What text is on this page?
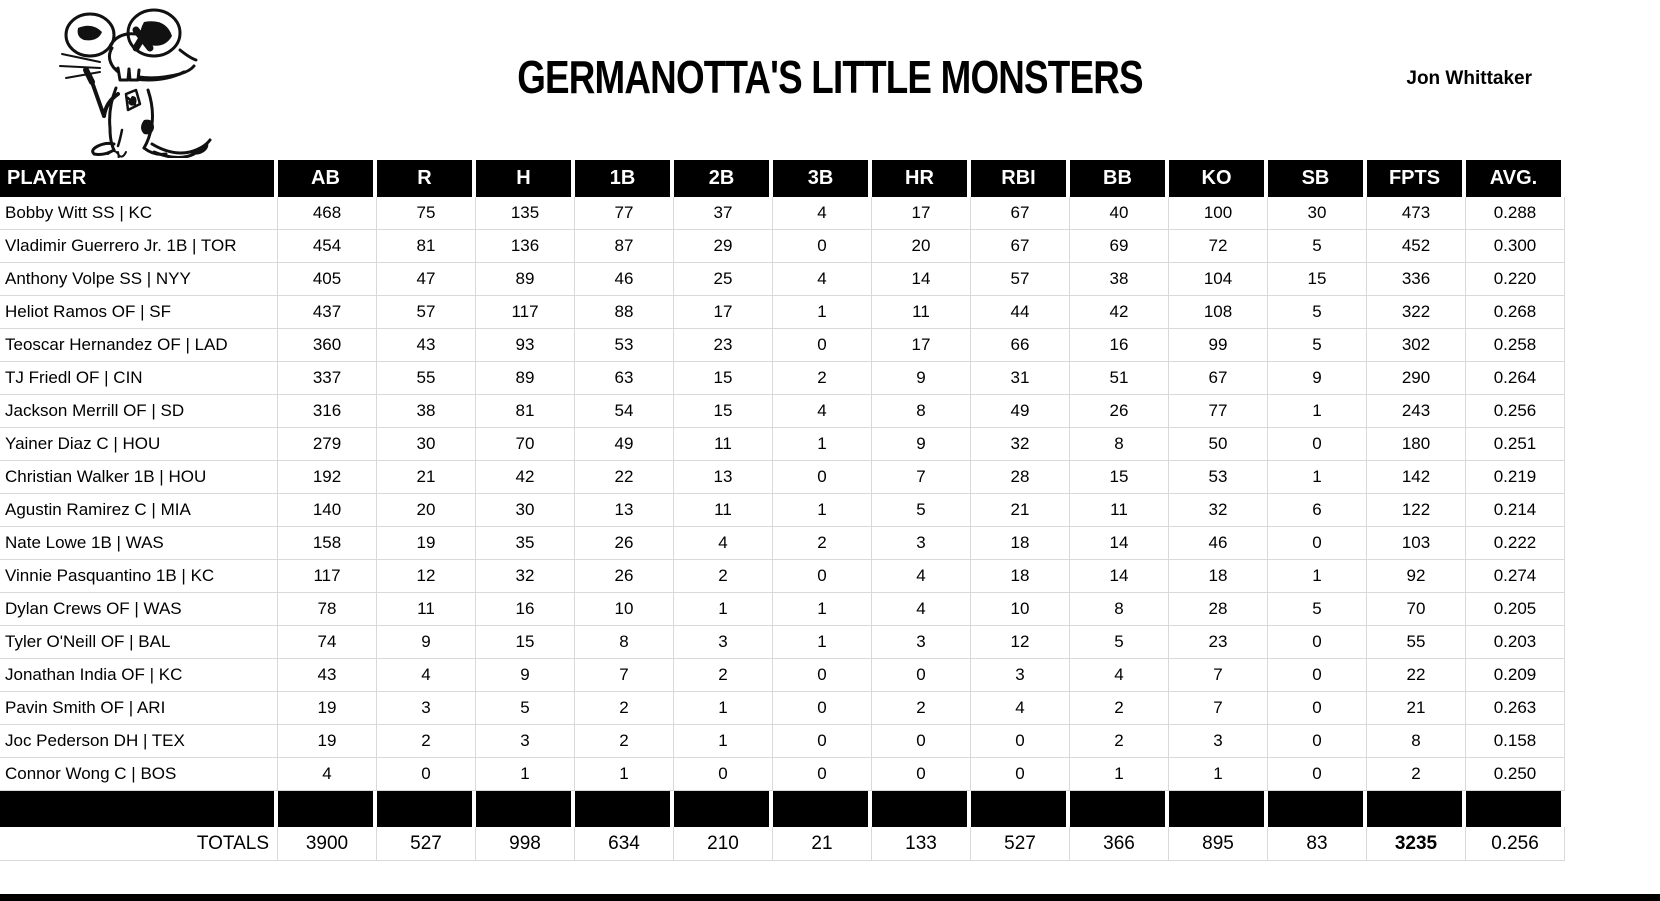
GERMANOTTA'S LITTLE MONSTERS	Jon Whittaker
PLAYER	AB	R	H	1B	2B	3B	HR	RBI	BB	KO	SB	FPTS	AVG.
Bobby Witt SS | KC	468	75	135	77	37	4	17	67	40	100	30	473	0.288
Vladimir Guerrero Jr. 1B | TOR	454	81	136	87	29	0	20	67	69	72	5	452	0.300
Anthony Volpe SS | NYY	405	47	89	46	25	4	14	57	38	104	15	336	0.220
Heliot Ramos OF | SF	437	57	117	88	17	1	11	44	42	108	5	322	0.268
Teoscar Hernandez OF | LAD	360	43	93	53	23	0	17	66	16	99	5	302	0.258
TJ Friedl OF | CIN	337	55	89	63	15	2	9	31	51	67	9	290	0.264
Jackson Merrill OF | SD	316	38	81	54	15	4	8	49	26	77	1	243	0.256
Yainer Diaz C | HOU	279	30	70	49	11	1	9	32	8	50	0	180	0.251
Christian Walker 1B | HOU	192	21	42	22	13	0	7	28	15	53	1	142	0.219
Agustin Ramirez C | MIA	140	20	30	13	11	1	5	21	11	32	6	122	0.214
Nate Lowe 1B | WAS	158	19	35	26	4	2	3	18	14	46	0	103	0.222
Vinnie Pasquantino 1B | KC	117	12	32	26	2	0	4	18	14	18	1	92	0.274
Dylan Crews OF | WAS	78	11	16	10	1	1	4	10	8	28	5	70	0.205
Tyler O'Neill OF | BAL	74	9	15	8	3	1	3	12	5	23	0	55	0.203
Jonathan India OF | KC	43	4	9	7	2	0	0	3	4	7	0	22	0.209
Pavin Smith OF | ARI	19	3	5	2	1	0	2	4	2	7	0	21	0.263
Joc Pederson DH | TEX	19	2	3	2	1	0	0	0	2	3	0	8	0.158
Connor Wong C | BOS	4	0	1	1	0	0	0	0	1	1	0	2	0.250
TOTALS	3900	527	998	634	210	21	133	527	366	895	83	3235	0.256
